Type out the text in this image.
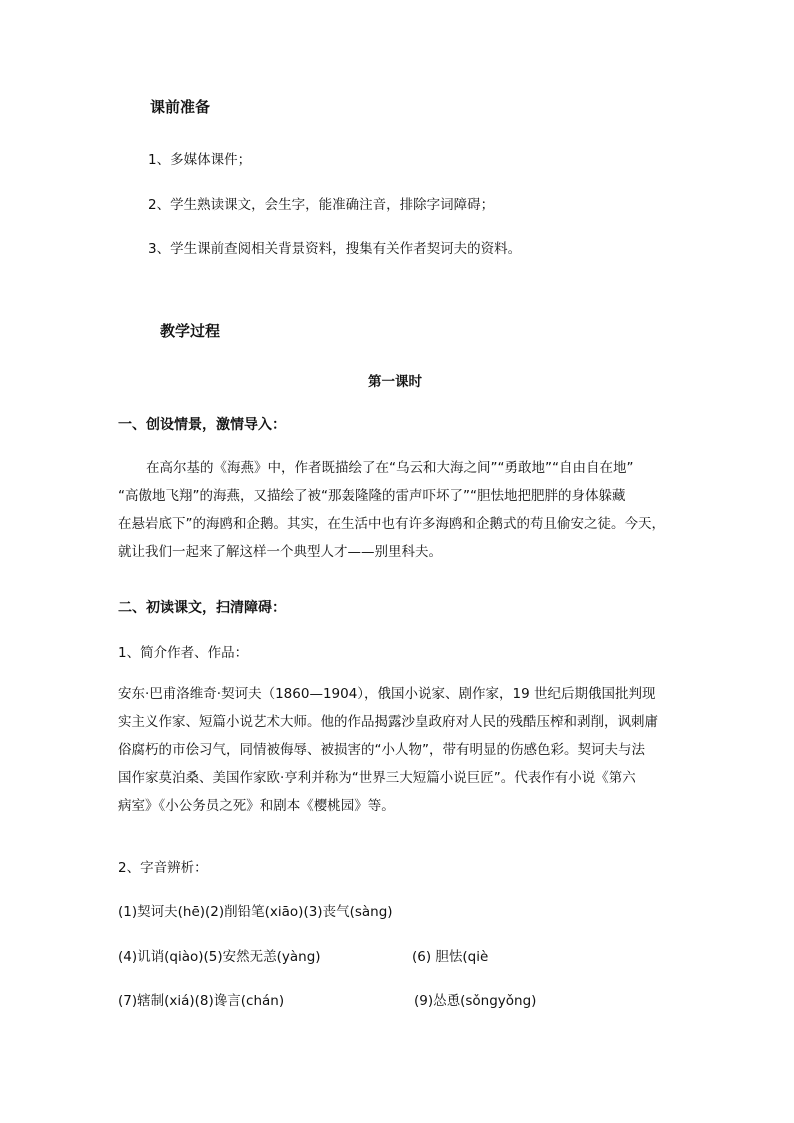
课前准备
1、多媒体课件；
2、学生熟读课文，会生字，能准确注音，排除字词障碍；
3、学生课前查阅相关背景资料，搜集有关作者契诃夫的资料。
教学过程
第一课时
一、创设情景，激情导入：
在高尔基的《海燕》中，作者既描绘了在“乌云和大海之间”“勇敢地”“自由自在地”
“高傲地飞翔”的海燕，又描绘了被“那轰隆隆的雷声吓坏了”“胆怯地把肥胖的身体躲藏
在悬岩底下”的海鸥和企鹅。其实，在生活中也有许多海鸥和企鹅式的苟且偷安之徒。今天，
就让我们一起来了解这样一个典型人才——别里科夫。
二、初读课文，扫清障碍：
1、简介作者、作品：
安东·巴甫洛维奇·契诃夫（1860—1904），俄国小说家、剧作家，19 世纪后期俄国批判现
实主义作家、短篇小说艺术大师。他的作品揭露沙皇政府对人民的残酷压榨和剥削，讽刺庸
俗腐朽的市侩习气，同情被侮辱、被损害的“小人物”，带有明显的伤感色彩。契诃夫与法
国作家莫泊桑、美国作家欧·亨利并称为“世界三大短篇小说巨匠”。代表作有小说《第六
病室》《小公务员之死》和剧本《樱桃园》等。
2、字音辨析：
(1)契诃夫(hē)(2)削铅笔(xiāo)(3)丧气(sàng)
(4)讥诮(qiào)(5)安然无恙(yàng)	(6) 胆怯(qiè
(7)辖制(xiá)(8)谗言(chán)	(9)怂恿(sǒngyǒng)
